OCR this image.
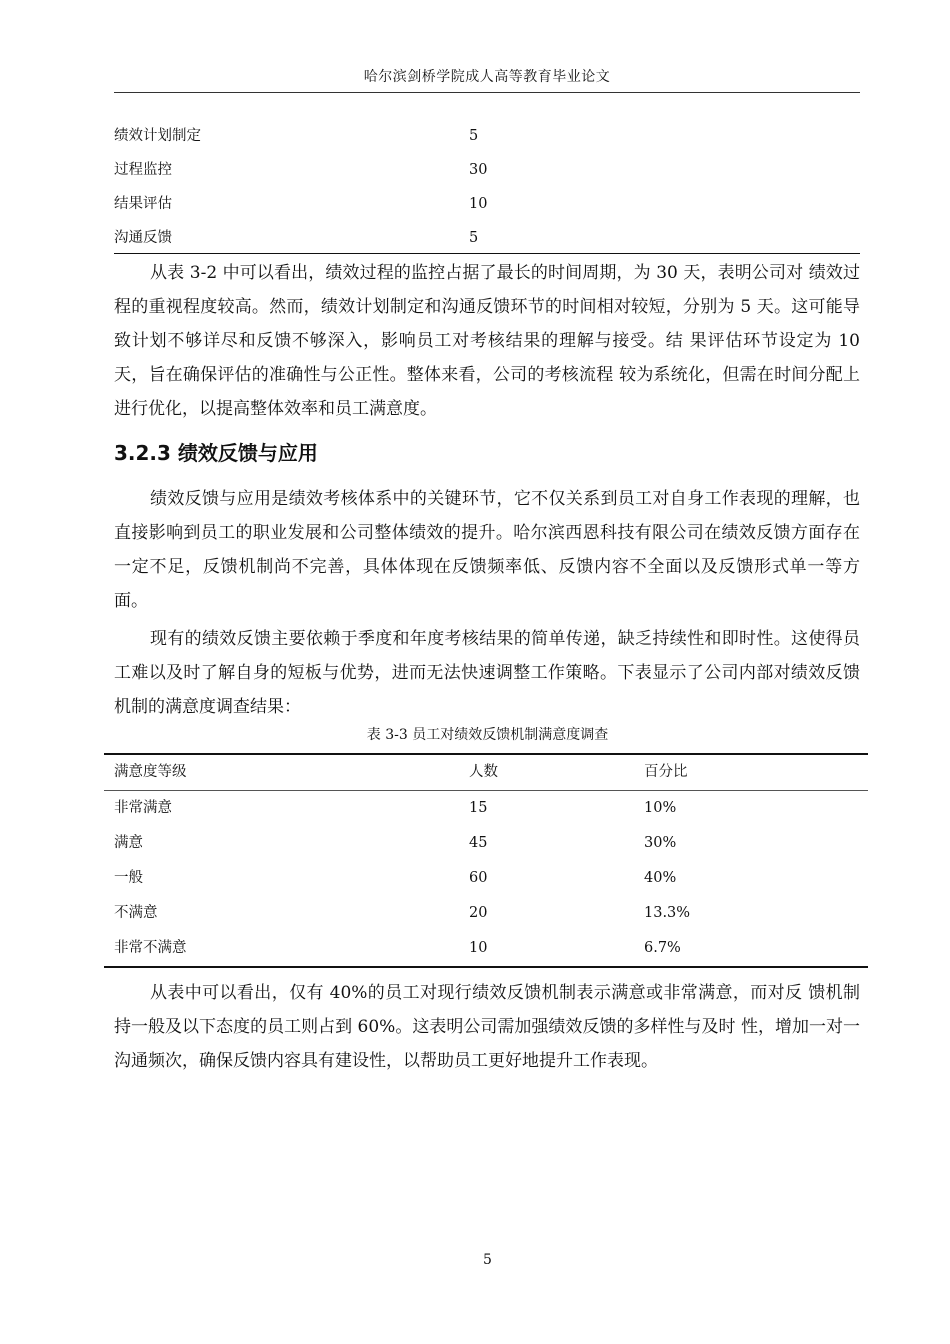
哈尔滨剑桥学院成人高等教育毕业论文
绩效计划制定	5
过程监控	30
结果评估	10
沟通反馈	5

从表 3-2 中可以看出，绩效过程的监控占据了最长的时间周期，为 30 天，表明公司对 绩效过程的重视程度较高。然而，绩效计划制定和沟通反馈环节的时间相对较短，分别为 5 天。这可能导致计划不够详尽和反馈不够深入，影响员工对考核结果的理解与接受。结 果评估环节设定为 10 天，旨在确保评估的准确性与公正性。整体来看，公司的考核流程 较为系统化，但需在时间分配上进行优化，以提高整体效率和员工满意度。

3.2.3 绩效反馈与应用

绩效反馈与应用是绩效考核体系中的关键环节，它不仅关系到员工对自身工作表现的理解，也直接影响到员工的职业发展和公司整体绩效的提升。哈尔滨西恩科技有限公司在绩效反馈方面存在一定不足，反馈机制尚不完善，具体体现在反馈频率低、反馈内容不全面以及反馈形式单一等方面。

现有的绩效反馈主要依赖于季度和年度考核结果的简单传递，缺乏持续性和即时性。这使得员工难以及时了解自身的短板与优势，进而无法快速调整工作策略。下表显示了公司内部对绩效反馈机制的满意度调查结果：

表 3-3 员工对绩效反馈机制满意度调查
满意度等级	人数	百分比
非常满意	15	10%
满意	45	30%
一般	60	40%
不满意	20	13.3%
非常不满意	10	6.7%

从表中可以看出，仅有 40%的员工对现行绩效反馈机制表示满意或非常满意，而对反 馈机制持一般及以下态度的员工则占到 60%。这表明公司需加强绩效反馈的多样性与及时 性，增加一对一沟通频次，确保反馈内容具有建设性，以帮助员工更好地提升工作表现。

5
